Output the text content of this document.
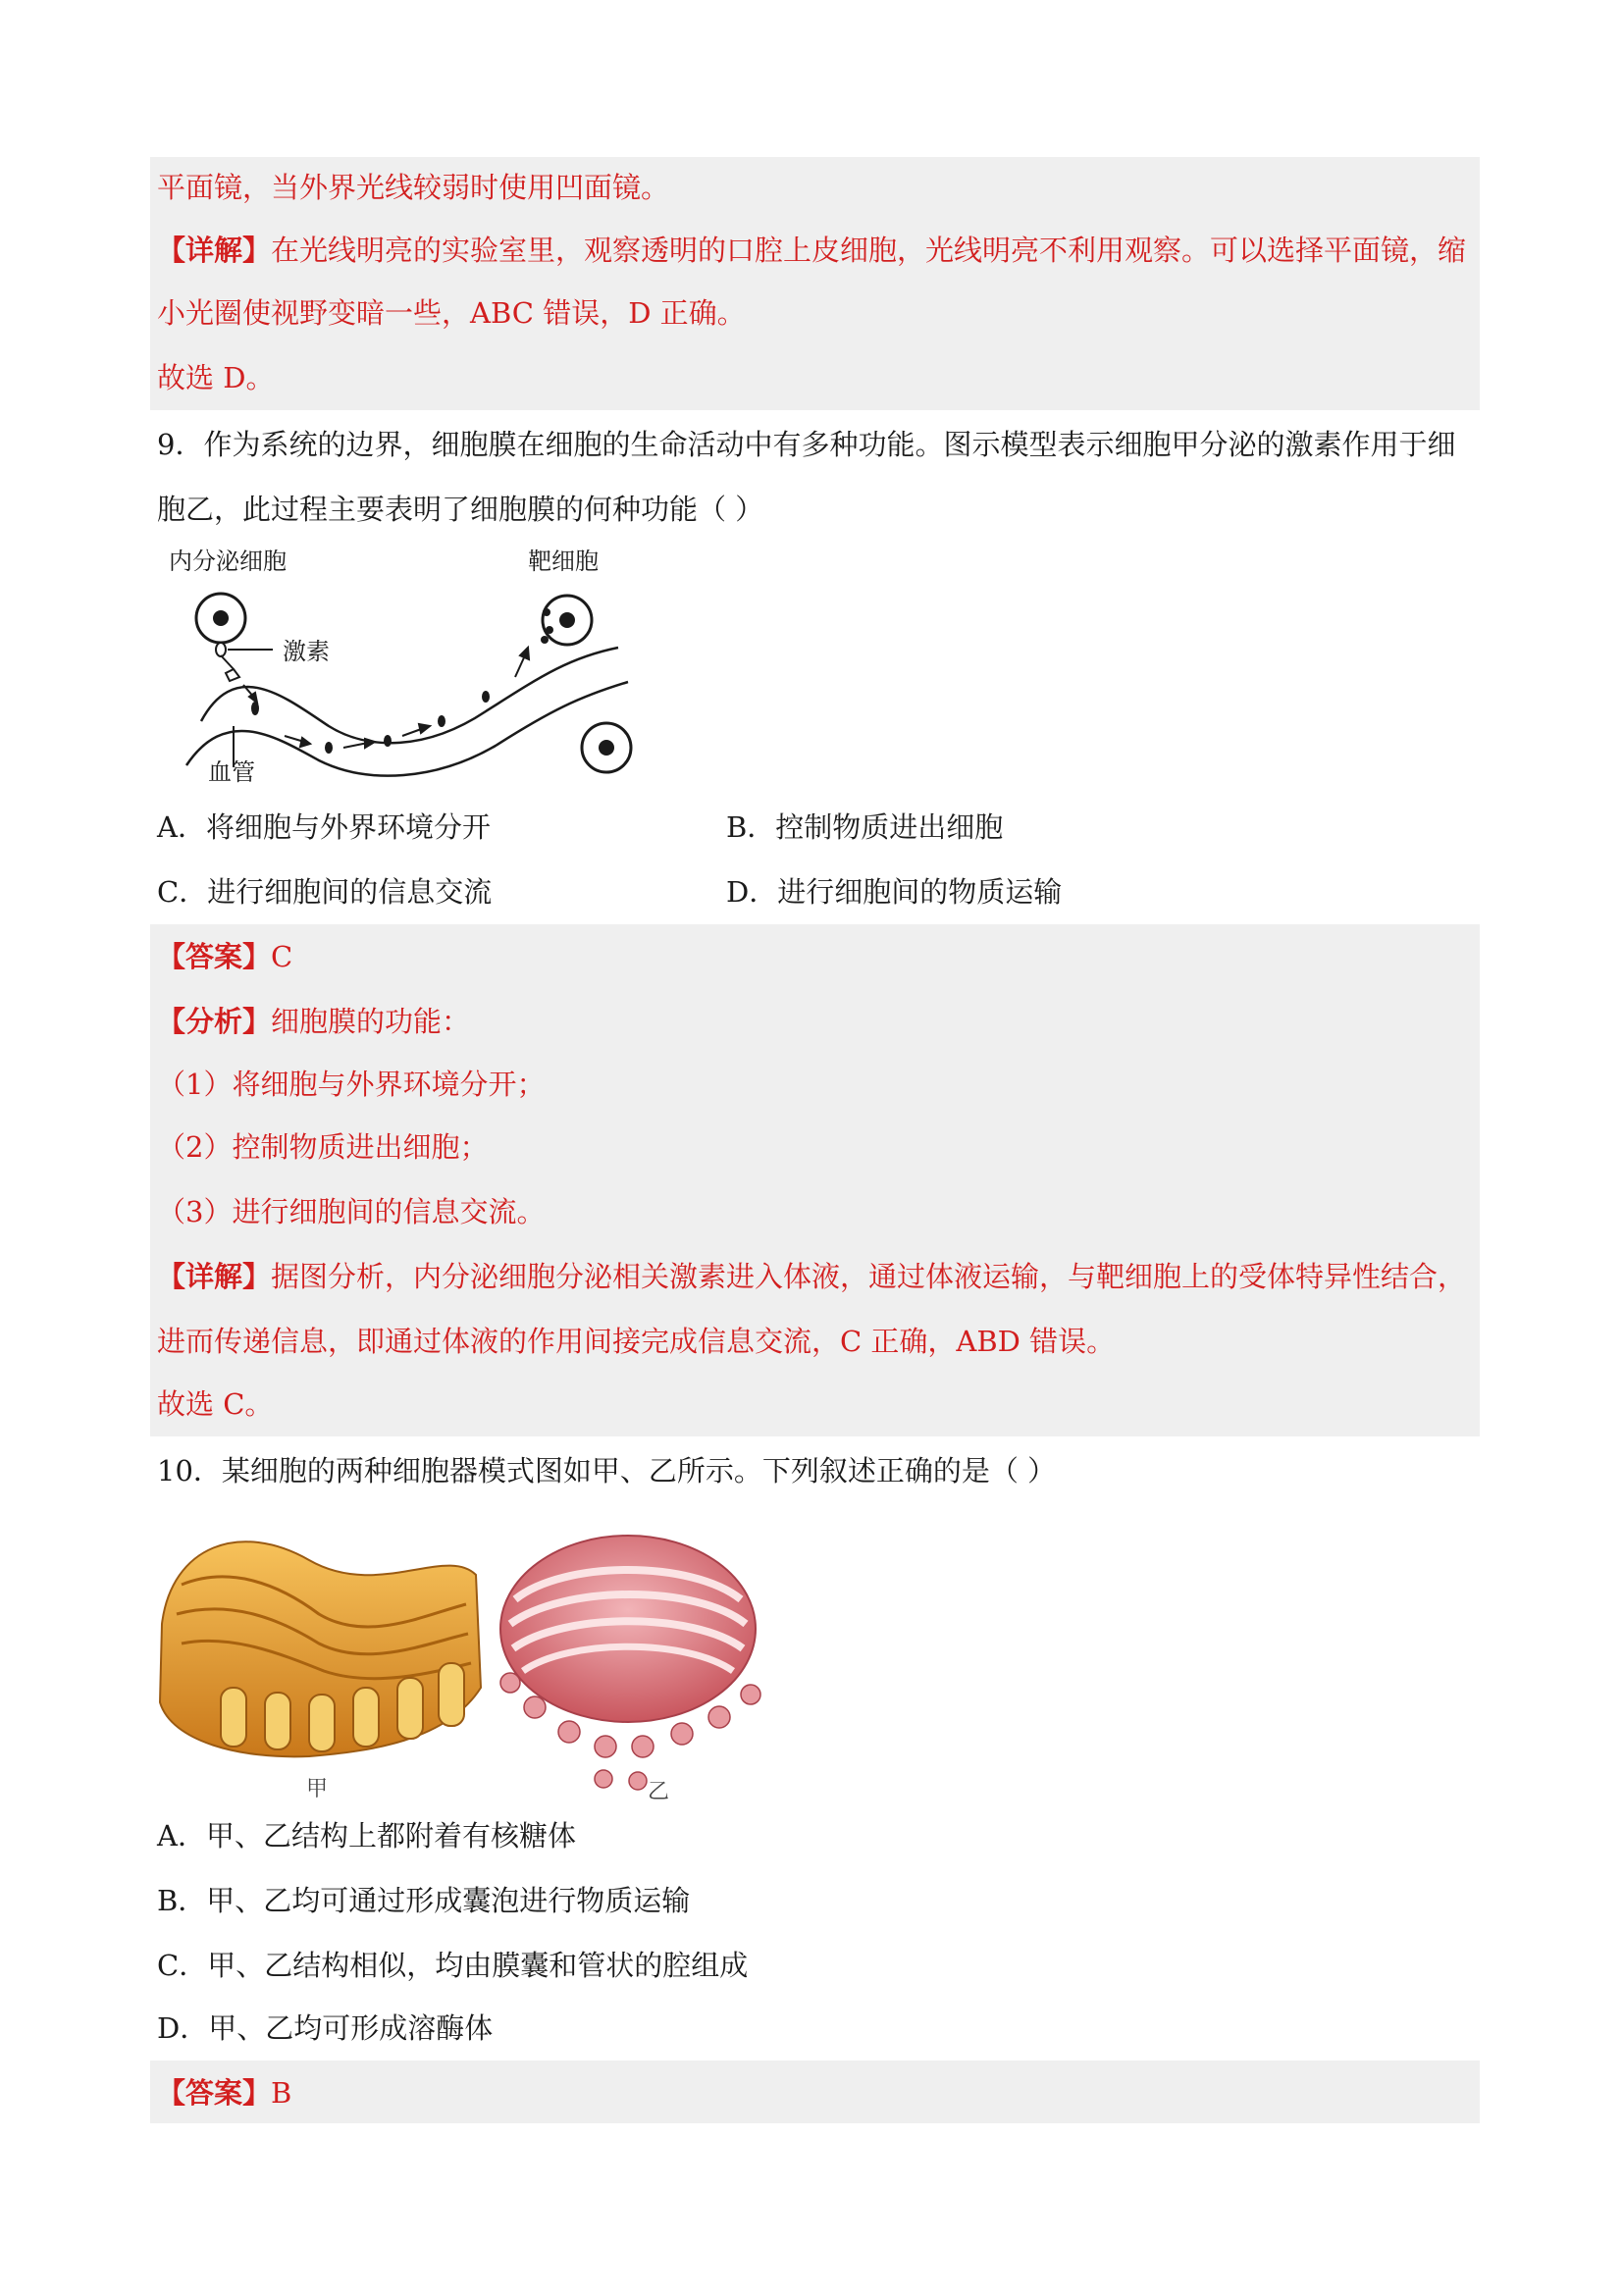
平面镜，当外界光线较弱时使用凹面镜。
【详解】在光线明亮的实验室里，观察透明的口腔上皮细胞，光线明亮不利用观察。可以选择平面镜，缩
小光圈使视野变暗一些，ABC 错误，D 正确。
故选 D。
9．作为系统的边界，细胞膜在细胞的生命活动中有多种功能。图示模型表示细胞甲分泌的激素作用于细
胞乙，此过程主要表明了细胞膜的何种功能（ ）
内分泌细胞	靶细胞
激素
血管
A．将细胞与外界环境分开	B．控制物质进出细胞
C．进行细胞间的信息交流	D．进行细胞间的物质运输
【答案】C
【分析】细胞膜的功能：
（1）将细胞与外界环境分开；
（2）控制物质进出细胞；
（3）进行细胞间的信息交流。
【详解】据图分析，内分泌细胞分泌相关激素进入体液，通过体液运输，与靶细胞上的受体特异性结合，
进而传递信息，即通过体液的作用间接完成信息交流，C 正确，ABD 错误。
故选 C。
10．某细胞的两种细胞器模式图如甲、乙所示。下列叙述正确的是（ ）
甲	乙
A．甲、乙结构上都附着有核糖体
B．甲、乙均可通过形成囊泡进行物质运输
C．甲、乙结构相似，均由膜囊和管状的腔组成
D．甲、乙均可形成溶酶体
【答案】B
